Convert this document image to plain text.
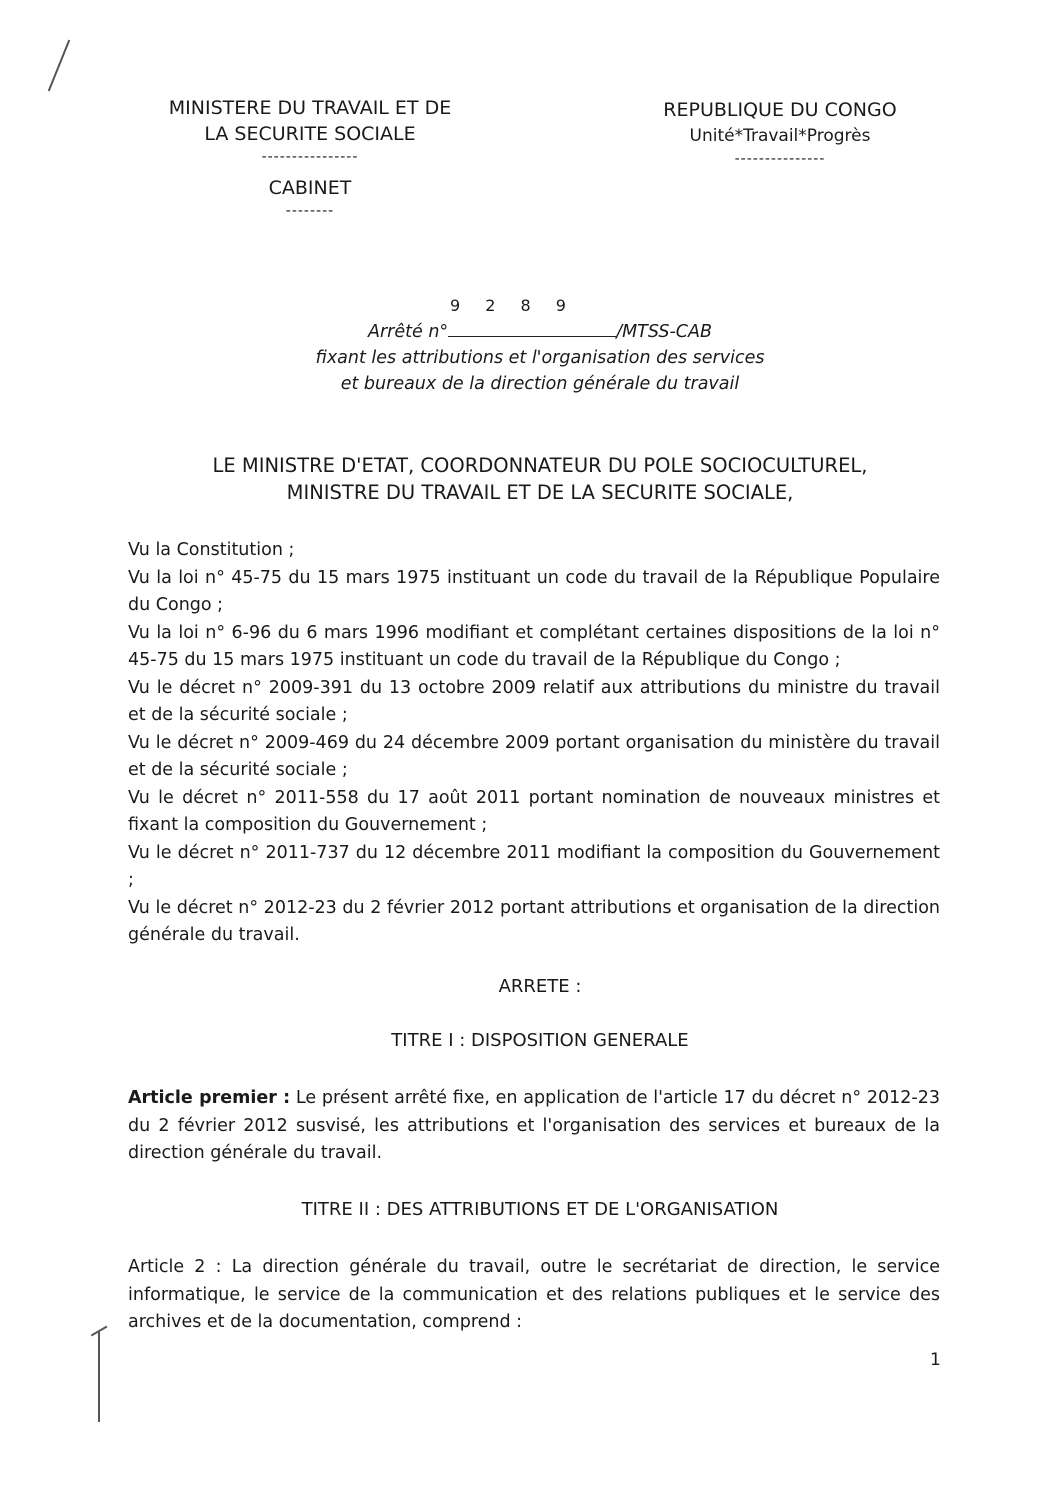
MINISTERE DU TRAVAIL ET DE
LA SECURITE SOCIALE
----------------
CABINET
--------
REPUBLIQUE DU CONGO
Unité*Travail*Progrès
---------------
9 2 8 9
Arrêté n°	/MTSS-CAB
fixant les attributions et l'organisation des services
et bureaux de la direction générale du travail
LE MINISTRE D'ETAT, COORDONNATEUR DU POLE SOCIOCULTUREL,
MINISTRE DU TRAVAIL ET DE LA SECURITE SOCIALE,

Vu la Constitution ;

Vu la loi n° 45-75 du 15 mars 1975 instituant un code du travail de la République Populaire du Congo ;

Vu la loi n° 6-96 du 6 mars 1996 modifiant et complétant certaines dispositions de la loi n° 45-75 du 15 mars 1975 instituant un code du travail de la République du Congo ;

Vu le décret n° 2009-391 du 13 octobre 2009 relatif aux attributions du ministre du travail et de la sécurité sociale ;

Vu le décret n° 2009-469 du 24 décembre 2009 portant organisation du ministère du travail et de la sécurité sociale ;

Vu le décret n° 2011-558 du 17 août 2011 portant nomination de nouveaux ministres et fixant la composition du Gouvernement ;

Vu le décret n° 2011-737 du 12 décembre 2011 modifiant la composition du Gouvernement ;

Vu le décret n° 2012-23 du 2 février 2012 portant attributions et organisation de la direction générale du travail.

ARRETE :
TITRE I : DISPOSITION GENERALE
Article premier : Le présent arrêté fixe, en application de l'article 17 du décret n° 2012-23 du 2 février 2012 susvisé, les attributions et l'organisation des services et bureaux de la direction générale du travail.
TITRE II : DES ATTRIBUTIONS ET DE L'ORGANISATION
Article 2 : La direction générale du travail, outre le secrétariat de direction, le service informatique, le service de la communication et des relations publiques et le service des archives et de la documentation, comprend :
1
